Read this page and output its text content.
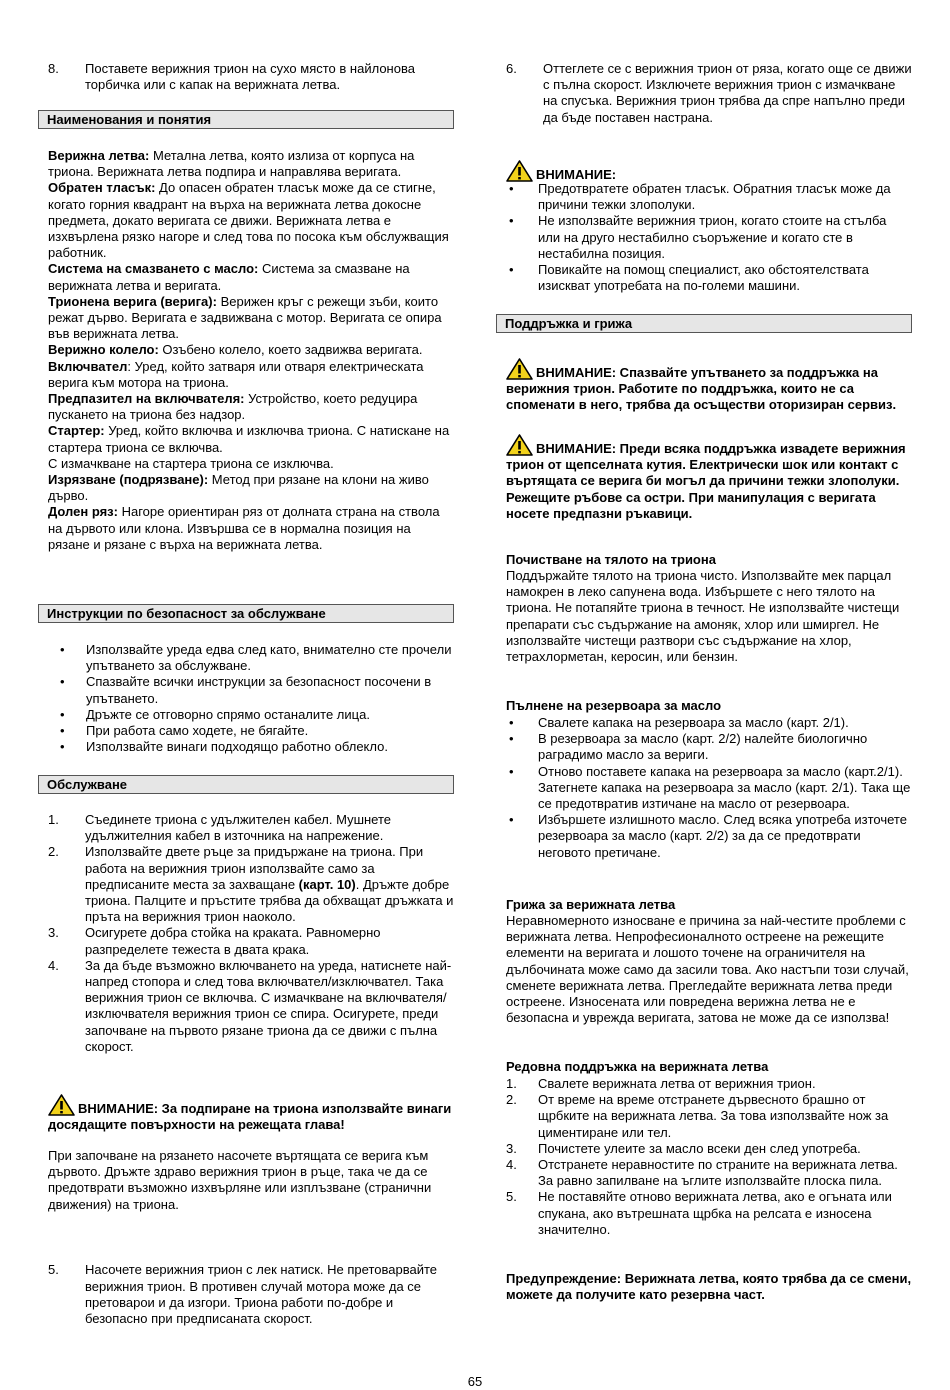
8. Поставете верижния трион на сухо място в найлонова торбичка или с капак на верижната летва.
Наименования и понятия

Верижна летва: Метална летва, която излиза от корпуса на триона. Верижната летва подпира и направлява веригата.

Обратен тласък: До опасен обратен тласък може да се стигне, когато горния квадрант на върха на верижната летва докосне предмета, докато веригата се движи. Верижната летва е изхвърлена рязко нагоре и след това по посока към обслужващия работник.

Система на смазването с масло: Система за смазване на верижната летва и веригата.

Трионена верига (верига): Верижен кръг с режещи зъби, които режат дърво. Веригата е задвижвана с мотор. Веригата се опира във верижната летва.

Верижно колело: Озъбено колело, което задвижва веригата.

Включвател: Уред, който затваря или отваря електрическата верига към мотора на триона.

Предпазител на включвателя: Устройство, което редуцира пускането на триона без надзор.

Стартер: Уред, който включва и изключва триона. С натискане на стартера триона се включва.

С измачкване на стартера триона се изключва.

Изрязване (подрязване): Метод при рязане на клони на живо дърво.

Долен ряз: Нагоре ориентиран ряз от долната страна на ствола на дървото или клона. Извършва се в нормална позиция на рязане и рязане с върха на верижната летва.

Инструкции по безопасност за обслужване
• Използвайте уреда едва след като, внимателно сте прочели упътването за обслужване.
• Спазвайте всички инструкции за безопасност посочени в упътването.
• Дръжте се отговорно спрямо останалите лица.
• При работа само ходете, не бягайте.
• Използвайте винаги подходящо работно облекло.
Обслужване
1. Съединете триона с удължителен кабел. Мушнете удължителния кабел в източника на напрежение.
2. Използвайте двете ръце за придържане на триона. При работа на верижния трион използвайте само за предписаните места за захващане (карт. 10). Дръжте добре триона. Палците и пръстите трябва да обхващат дръжката и пръта на верижния трион наоколо.
3. Осигурете добра стойка на краката. Равномерно разпределете тежеста в двата крака.
4. За да бъде възможно включването на уреда, натиснете най-напред стопора и след това включвател/изключвател. Така верижния трион се включва. С измачкване на включвателя/изключвателя верижния трион се спира. Осигурете, преди започване на първото рязане триона да се движи с пълна скорост.

ВНИМАНИЕ: За подпиране на триона използвайте винаги досядащите повърхности на режещата глава!

При започване на рязането насочете въртящата се верига към дървото. Дръжте здраво верижния трион в ръце, така че да се предотврати възможно изхвърляне или изплъзване (странични движения) на триона.

5. Насочете верижния трион с лек натиск. Не претоварвайте верижния трион. В противен случай мотора може да се претоварои и да изгори. Триона работи по-добре и безопасно при предписаната скорост.
6. Оттеглете се с верижния трион от ряза, когато още се движи с пълна скорост. Изключете верижния трион с измачкване на спусъка. Верижния трион трябва да спре напълно преди да бъде поставен настрана.

ВНИМАНИЕ:

• Предотвратете обратен тласък. Обратния тласък може да причини тежки злополуки.
• Не използвайте верижния трион, когато стоите на стълба или на друго нестабилно съоръжение и когато сте в нестабилна позиция.
• Повикайте на помощ специалист, ако обстоятелствата изискват употребата на по-големи машини.
Поддръжка и грижа

ВНИМАНИЕ: Спазвайте упътването за поддръжка на верижния трион. Работите по поддръжка, които не са споменати в него, трябва да осъществи оторизиран сервиз.

ВНИМАНИЕ: Преди всяка поддръжка извадете верижния трион от щепселната кутия. Електрически шок или контакт с въртящата се верига би могъл да причини тежки злополуки. Режещите ръбове са остри. При манипулация с веригата носете предпазни ръкавици.

Почистване на тялото на триона

Поддържайте тялото на триона чисто. Използвайте мек парцал намокрен в леко сапунена вода. Избършете с него тялото на триона. Не потапяйте триона в течност. Не използвайте чистещи препарати със съдържание на амоняк, хлор или шмиргел. Не използвайте чистещи разтвори със съдържание на хлор, тетрахлорметан, керосин, или бензин.

Пълнене на резервоара за масло

• Свалете капака на резервоара за масло (карт. 2/1).
• В резервоара за масло (карт. 2/2) налейте биологично раградимо масло за вериги.
• Отново поставете капака на резервоара за масло (карт.2/1). Затегнете капака на резервоара за масло (карт. 2/1). Така ще се предотвратив изтичане на масло от резервоара.
• Избършете излишното масло. След всяка употреба източете резервоара за масло (карт. 2/2) за да се предотврати неговото претичане.

Грижа за верижната летва

Неравномерното износване е причина за най-честите проблеми с верижната летва. Непрофесионалното остреене на режещите елементи на веригата и лошото точене на ограничителя на дълбочината може само да засили това. Ако настъпи този случай, сменете верижната летва. Прегледайте верижната летва преди остреене. Износената или повредена верижна летва не е безопасна и уврежда веригата, затова не може да се използва!

Редовна поддръжка на верижната летва

1. Свалете верижната летва от верижния трион.
2. От време на време отстранете дървесното брашно от щрбките на верижната летва. За това използвайте нож за циментиране или тел.
3. Почистете улеите за масло всеки ден след употреба.
4. Отстранете неравностите по страните на верижната летва. За равно запилване на ъглите използвайте плоска пила.
5. Не поставяйте отново верижната летва, ако е огъната или спукана, ако вътрешната щрбка на релсата е износена значително.

Предупреждение: Верижната летва, която трябва да се смени, можете да получите като резервна част.

65
